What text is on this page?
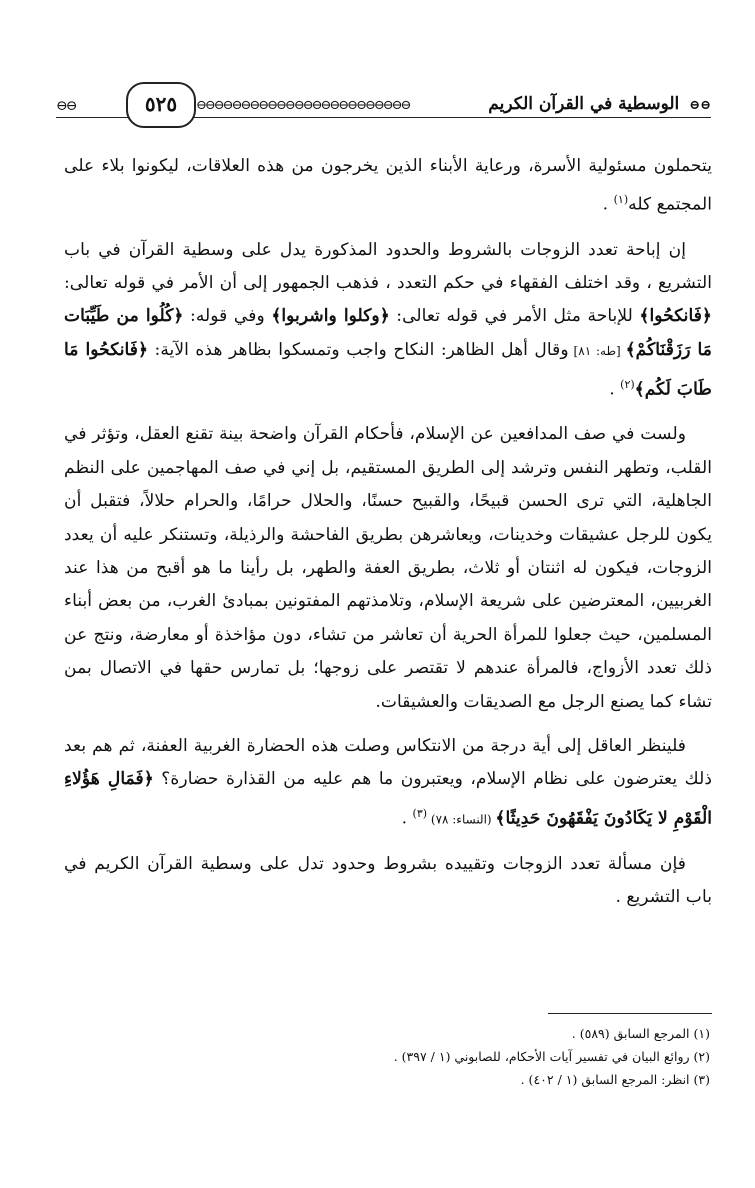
⊖⊖	٥٢٥	⊖⊖⊖⊖⊖⊖⊖⊖⊖⊖⊖⊖⊖⊖⊖⊖⊖⊖⊖⊖⊖⊖⊖⊖	⊖⊖ الوسطية في القرآن الكريم

يتحملون مسئولية الأسرة، ورعاية الأبناء الذين يخرجون من هذه العلاقات، ليكونوا بلاء على المجتمع كله$^{(١)}$ .

إن إباحة تعدد الزوجات بالشروط والحدود المذكورة يدل على وسطية القرآن في باب التشريع ، وقد اختلف الفقهاء في حكم التعدد ، فذهب الجمهور إلى أن الأمر في قوله تعالى: ﴿فَانكحُوا﴾ للإباحة مثل الأمر في قوله تعالى: ﴿وكلوا واشربوا﴾ وفي قوله: ﴿كُلُوا من طَيِّبَات مَا رَزَقْنَاكُمْ﴾ [طه: ٨١] وقال أهل الظاهر: النكاح واجب وتمسكوا بظاهر هذه الآية: ﴿فَانكحُوا مَا طَابَ لَكُم﴾$^{(٢)}$ .

ولست في صف المدافعين عن الإسلام، فأحكام القرآن واضحة بينة تقنع العقل، وتؤثر في القلب، وتطهر النفس وترشد إلى الطريق المستقيم، بل إني في صف المهاجمين على النظم الجاهلية، التي ترى الحسن قبيحًا، والقبيح حسنًا، والحلال حرامًا، والحرام حلالاً، فتقبل أن يكون للرجل عشيقات وخدينات، ويعاشرهن بطريق الفاحشة والرذيلة، وتستنكر عليه أن يعدد الزوجات، فيكون له اثنتان أو ثلاث، بطريق العفة والطهر، بل رأينا ما هو أقبح من هذا عند الغربيين، المعترضين على شريعة الإسلام، وتلامذتهم المفتونين بمبادئ الغرب، من بعض أبناء المسلمين، حيث جعلوا للمرأة الحرية أن تعاشر من تشاء، دون مؤاخذة أو معارضة، ونتج عن ذلك تعدد الأزواج، فالمرأة عندهم لا تقتصر على زوجها؛ بل تمارس حقها في الاتصال بمن تشاء كما يصنع الرجل مع الصديقات والعشيقات.

فلينظر العاقل إلى أية درجة من الانتكاس وصلت هذه الحضارة الغربية العفنة، ثم هم بعد ذلك يعترضون على نظام الإسلام، ويعتبرون ما هم عليه من القذارة حضارة؟ ﴿فَمَالِ هَؤُلاءِ الْقَوْمِ لا يَكَادُونَ يَفْقَهُونَ حَدِيثًا﴾ (النساء: ٧٨) $^{(٣)}$ .

فإن مسألة تعدد الزوجات وتقييده بشروط وحدود تدل على وسطية القرآن الكريم في باب التشريع .

(١) المرجع السابق (٥٨٩) .

(٢) روائع البيان في تفسير آيات الأحكام، للصابوني (١ / ٣٩٧) .

(٣) انظر: المرجع السابق (١ / ٤٠٢) .
